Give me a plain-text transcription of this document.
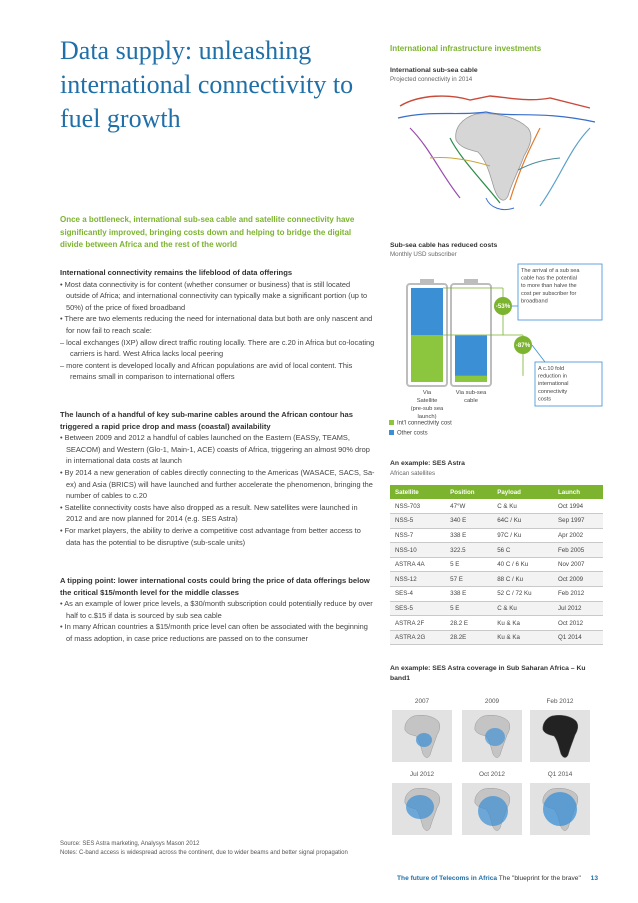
Data supply: unleashing international connectivity to fuel growth
Once a bottleneck, international sub-sea cable and satellite connectivity have significantly improved, bringing costs down and helping to bridge the digital divide between Africa and the rest of the world
International connectivity remains the lifeblood of data offerings

• Most data connectivity is for content (whether consumer or business) that is still located outside of Africa; and international connectivity can typically make a significant portion (up to 50%) of the price of fixed broadband

• There are two elements reducing the need for international data but both are only nascent and for now fail to reach scale:

– local exchanges (IXP) allow direct traffic routing locally. There are c.20 in Africa but co-locating carriers is hard. West Africa lacks local peering

– more content is developed locally and African populations are avid of local content. This remains small in comparison to international offers

The launch of a handful of key sub-marine cables around the African contour has triggered a rapid price drop and mass (coastal) availability

• Between 2009 and 2012 a handful of cables launched on the Eastern (EASSy, TEAMS, SEACOM) and Western (Glo-1, Main-1, ACE) coasts of Africa, triggering an almost 90% drop in international data costs at launch

• By 2014 a new generation of cables directly connecting to the Americas (WASACE, SACS, Sa-ex) and Asia (BRICS) will have launched and further accelerate the phenomenon, bringing the number of cables to c.20

• Satellite connectivity costs have also dropped as a result. New satellites were launched in 2012 and are now planned for 2014 (e.g. SES Astra)

• For market players, the ability to derive a competitive cost advantage from better access to data has the potential to be disruptive (sub-scale units)

A tipping point: lower international costs could bring the price of data offerings below the critical $15/month level for the middle classes

• As an example of lower price levels, a $30/month subscription could potentially reduce by over half to c.$15 if data is sourced by sub sea cable

• In many African countries a $15/month price level can often be associated with the beginning of mass adoption, in case price reductions are passed on to the consumer

Source: SES Astra marketing, Analysys Mason 2012

Notes: C-band access is widespread across the continent, due to wider beams and better signal propagation

The future of Telecoms in Africa The "blueprint for the brave" 13
International infrastructure investments
International sub-sea cable
Projected connectivity in 2014
Sub-sea cable has reduced costs
Monthly USD subscriber
Via
Satellite
(pre-sub sea
launch)
Via sub-sea
cable
-53%
-87%
The arrival of a sub sea
cable has the potential
to more than halve the
cost per subscriber for
broadband
A c.10 fold
reduction in
international
connectivity
costs
Int'l connectivity cost
Other costs
An example: SES Astra
African satellites
Satellite	Position	Payload	Launch
NSS-703	47°W	C & Ku	Oct 1994
NSS-5	340 E	64C / Ku	Sep 1997
NSS-7	338 E	97C / Ku	Apr 2002
NSS-10	322.5	56 C	Feb 2005
ASTRA 4A	5 E	40 C / 6 Ku	Nov 2007
NSS-12	57 E	88 C / Ku	Oct 2009
SES-4	338 E	52 C / 72 Ku	Feb 2012
SES-5	5 E	C & Ku	Jul 2012
ASTRA 2F	28.2 E	Ku & Ka	Oct 2012
ASTRA 2G	28.2E	Ku & Ka	Q1 2014
An example: SES Astra coverage in Sub Saharan Africa – Ku band1
2007	2009	Feb 2012
Jul 2012	Oct 2012	Q1 2014
